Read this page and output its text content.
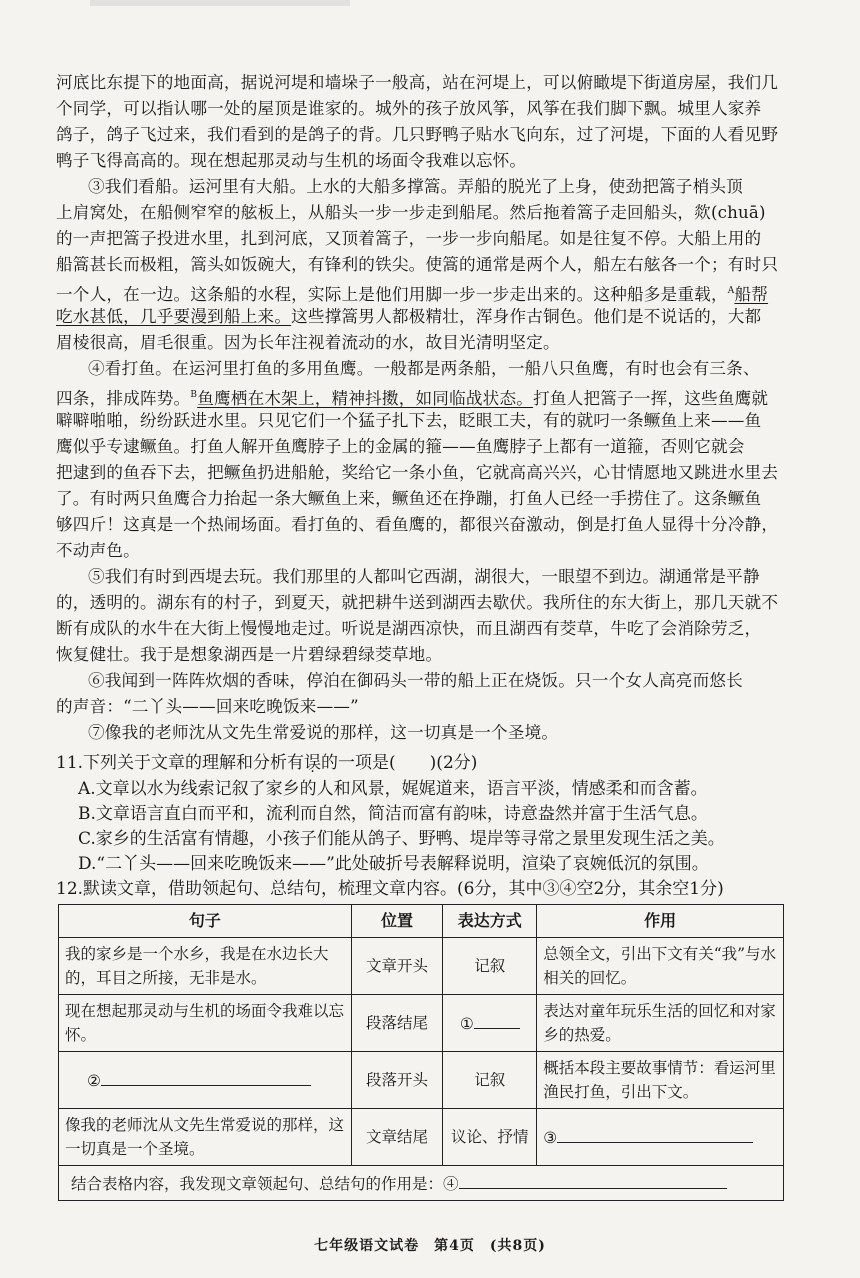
河底比东提下的地面高，据说河堤和墙垛子一般高，站在河堤上，可以俯瞰堤下街道房屋，我们几
个同学，可以指认哪一处的屋顶是谁家的。城外的孩子放风筝，风筝在我们脚下飘。城里人家养
鸽子，鸽子飞过来，我们看到的是鸽子的背。几只野鸭子贴水飞向东，过了河堤，下面的人看见野
鸭子飞得高高的。现在想起那灵动与生机的场面令我难以忘怀。
③我们看船。运河里有大船。上水的大船多撑篙。弄船的脱光了上身，使劲把篙子梢头顶
上肩窝处，在船侧窄窄的舷板上，从船头一步一步走到船尾。然后拖着篙子走回船头，欻(chuā)
的一声把篙子投进水里，扎到河底，又顶着篙子，一步一步向船尾。如是往复不停。大船上用的
船篙甚长而极粗，篙头如饭碗大，有锋利的铁尖。使篙的通常是两个人，船左右舷各一个；有时只
一个人，在一边。这条船的水程，实际上是他们用脚一步一步走出来的。这种船多是重载，$^A$船帮
吃水甚低，几乎要漫到船上来。这些撑篙男人都极精壮，浑身作古铜色。他们是不说话的，大都
眉棱很高，眉毛很重。因为长年注视着流动的水，故目光清明坚定。
④看打鱼。在运河里打鱼的多用鱼鹰。一般都是两条船，一船八只鱼鹰，有时也会有三条、
四条，排成阵势。$^B$鱼鹰栖在木架上，精神抖擞，如同临战状态。打鱼人把篙子一挥，这些鱼鹰就
噼噼啪啪，纷纷跃进水里。只见它们一个猛子扎下去，眨眼工夫，有的就叼一条鳜鱼上来——鱼
鹰似乎专逮鳜鱼。打鱼人解开鱼鹰脖子上的金属的箍——鱼鹰脖子上都有一道箍，否则它就会
把逮到的鱼吞下去，把鳜鱼扔进船舱，奖给它一条小鱼，它就高高兴兴，心甘情愿地又跳进水里去
了。有时两只鱼鹰合力抬起一条大鳜鱼上来，鳜鱼还在挣蹦，打鱼人已经一手捞住了。这条鳜鱼
够四斤！这真是一个热闹场面。看打鱼的、看鱼鹰的，都很兴奋激动，倒是打鱼人显得十分冷静，
不动声色。
⑤我们有时到西堤去玩。我们那里的人都叫它西湖，湖很大，一眼望不到边。湖通常是平静
的，透明的。湖东有的村子，到夏天，就把耕牛送到湖西去歇伏。我所住的东大街上，那几天就不
断有成队的水牛在大街上慢慢地走过。听说是湖西凉快，而且湖西有茭草，牛吃了会消除劳乏，
恢复健壮。我于是想象湖西是一片碧绿碧绿茭草地。
⑥我闻到一阵阵炊烟的香味，停泊在御码头一带的船上正在烧饭。只一个女人高亮而悠长
的声音：“二丫头——回来吃晚饭来——”
⑦像我的老师沈从文先生常爱说的那样，这一切真是一个圣境。
11.下列关于文章的理解和分析有误的一项是(　　)(2分)
A.文章以水为线索记叙了家乡的人和风景，娓娓道来，语言平淡，情感柔和而含蓄。
B.文章语言直白而平和，流利而自然，简洁而富有韵味，诗意盎然并富于生活气息。
C.家乡的生活富有情趣，小孩子们能从鸽子、野鸭、堤岸等寻常之景里发现生活之美。
D.“二丫头——回来吃晚饭来——”此处破折号表解释说明，渲染了哀婉低沉的氛围。
12.默读文章，借助领起句、总结句，梳理文章内容。(6分，其中③④空2分，其余空1分)
句子	位置	表达方式	作用
我的家乡是一个水乡，我是在水边长大的，耳目之所接，无非是水。	文章开头	记叙	总领全文，引出下文有关“我”与水相关的回忆。
现在想起那灵动与生机的场面令我难以忘怀。	段落结尾	①	表达对童年玩乐生活的回忆和对家乡的热爱。
②	段落开头	记叙	概括本段主要故事情节：看运河里渔民打鱼，引出下文。
像我的老师沈从文先生常爱说的那样，这一切真是一个圣境。	文章结尾	议论、抒情	③
结合表格内容，我发现文章领起句、总结句的作用是：④			
七年级语文试卷　第4页　(共8页)
